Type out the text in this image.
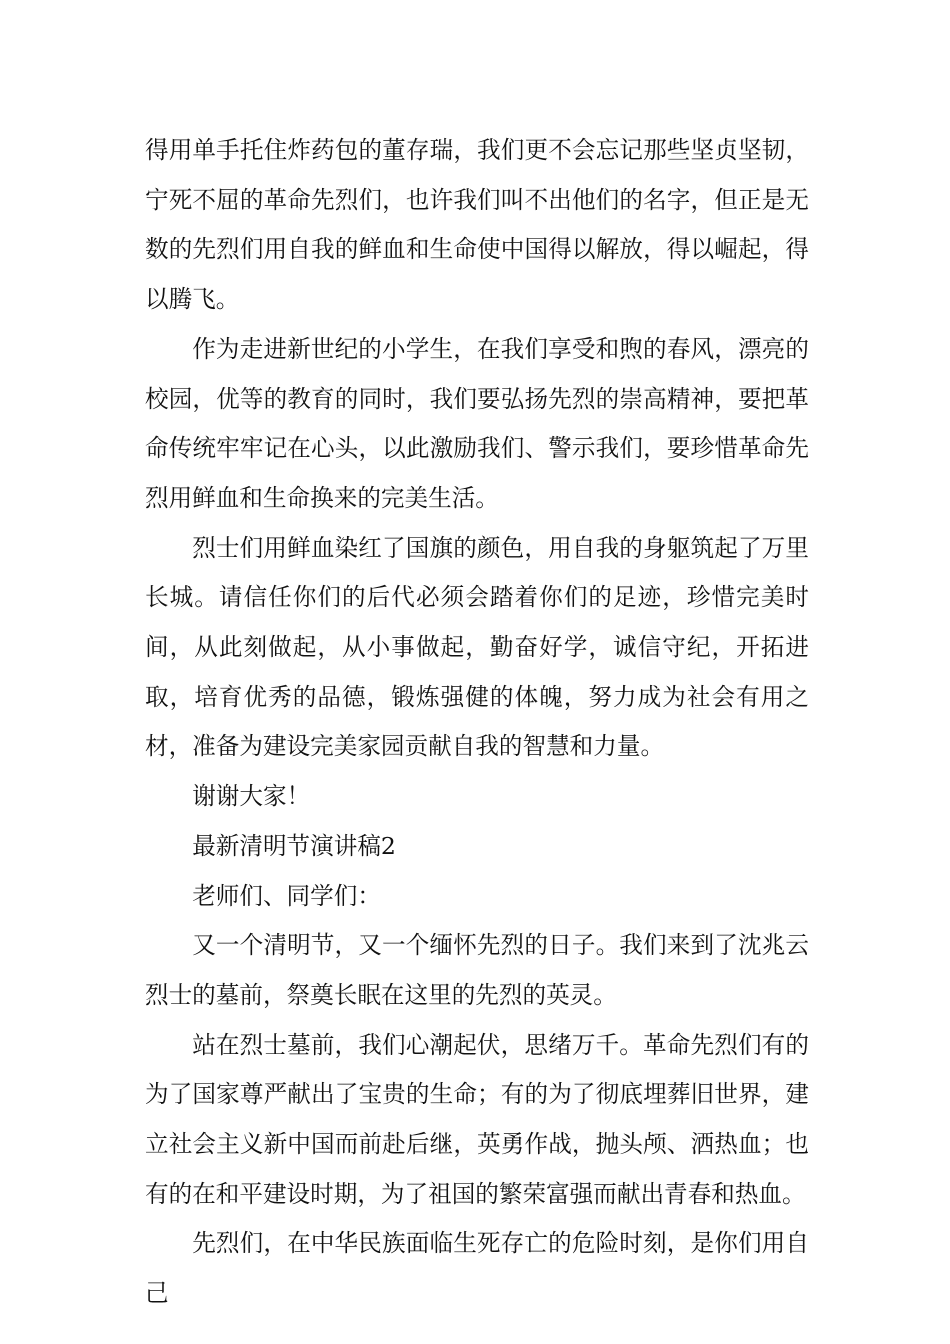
得用单手托住炸药包的董存瑞，我们更不会忘记那些坚贞坚韧，宁死不屈的革命先烈们，也许我们叫不出他们的名字，但正是无数的先烈们用自我的鲜血和生命使中国得以解放，得以崛起，得以腾飞。

作为走进新世纪的小学生，在我们享受和煦的春风，漂亮的校园，优等的教育的同时，我们要弘扬先烈的崇高精神，要把革命传统牢牢记在心头，以此激励我们、警示我们，要珍惜革命先烈用鲜血和生命换来的完美生活。

烈士们用鲜血染红了国旗的颜色，用自我的身躯筑起了万里长城。请信任你们的后代必须会踏着你们的足迹，珍惜完美时间，从此刻做起，从小事做起，勤奋好学，诚信守纪，开拓进取，培育优秀的品德，锻炼强健的体魄，努力成为社会有用之材，准备为建设完美家园贡献自我的智慧和力量。

谢谢大家！

最新清明节演讲稿2

老师们、同学们：

又一个清明节，又一个缅怀先烈的日子。我们来到了沈兆云烈士的墓前，祭奠长眠在这里的先烈的英灵。

站在烈士墓前，我们心潮起伏，思绪万千。革命先烈们有的为了国家尊严献出了宝贵的生命；有的为了彻底埋葬旧世界，建立社会主义新中国而前赴后继，英勇作战，抛头颅、洒热血；也有的在和平建设时期，为了祖国的繁荣富强而献出青春和热血。

先烈们，在中华民族面临生死存亡的危险时刻，是你们用自己
